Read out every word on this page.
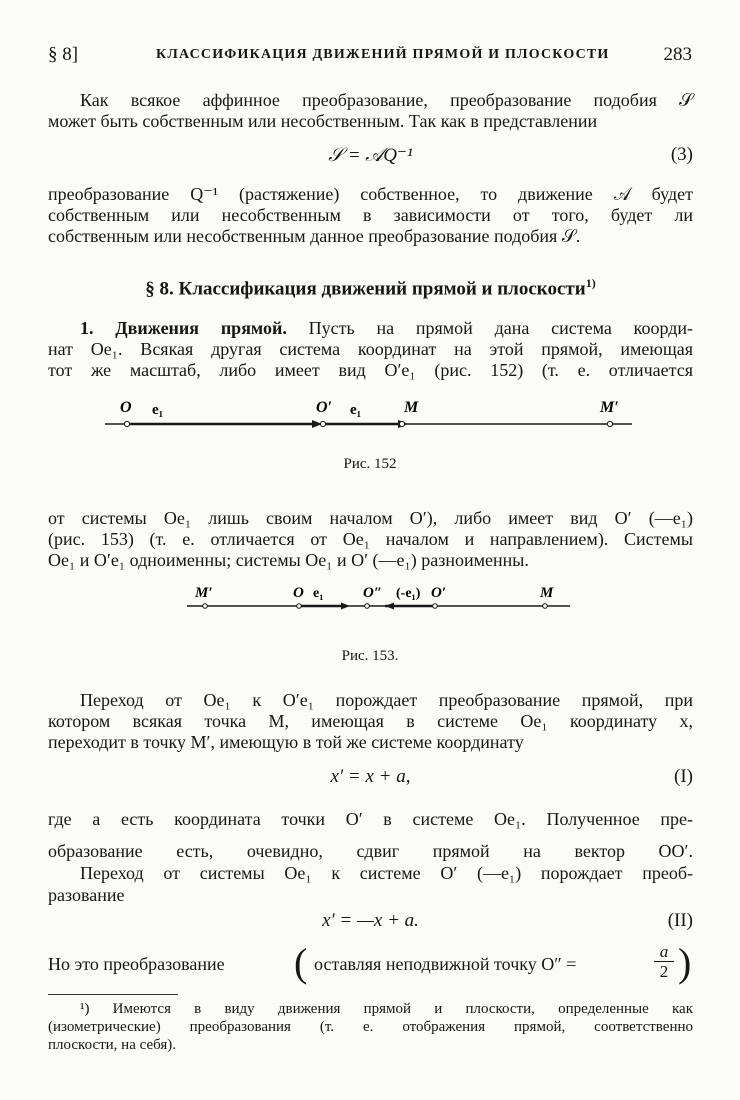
§ 8]	КЛАССИФИКАЦИЯ ДВИЖЕНИЙ ПРЯМОЙ И ПЛОСКОСТИ	283
Как всякое аффинное преобразование, преобразование подобия 𝒮
может быть собственным или несобственным. Так как в представлении
𝒮 = 𝒜Q⁻¹	(3)
преобразование Q⁻¹ (растяжение) собственное, то движение 𝒜 будет
собственным или несобственным в зависимости от того, будет ли
собственным или несобственным данное преобразование подобия 𝒮.
§ 8. Классификация движений прямой и плоскости$^{1)}$
1. Движения прямой. Пусть на прямой дана система коорди-
нат Oe₁. Всякая другая система координат на этой прямой, имеющая
тот же масштаб, либо имеет вид O′e₁ (рис. 152) (т. е. отличается
O e₁	O′ e₁	M	M′
Рис. 152
от системы Oe₁ лишь своим началом O′), либо имеет вид O′ (—e₁)
(рис. 153) (т. е. отличается от Oe₁ началом и направлением). Системы
Oe₁ и O′e₁ одноименны; системы Oe₁ и O′ (—e₁) разноименны.
M′	O e₁	O″ (-e₁) O′	M
Рис. 153.
Переход от Oe₁ к O′e₁ порождает преобразование прямой, при
котором всякая точка M, имеющая в системе Oe₁ координату x,
переходит в точку M′, имеющую в той же системе координату
x′ = x + a,	(I)
где a есть координата точки O′ в системе Oe₁. Полученное пре-
образование есть, очевидно, сдвиг прямой на вектор OO′.
Переход от системы Oe₁ к системе O′ (—e₁) порождает преоб-
разование
x′ = —x + a.	(II)
Но это преобразование ( оставляя неподвижной точку O″ =	$\frac{a}{2}$ )
¹) Имеются в виду движения прямой и плоскости, определенные как
(изометрические) преобразования (т. е. отображения прямой, соответственно
плоскости, на себя).
